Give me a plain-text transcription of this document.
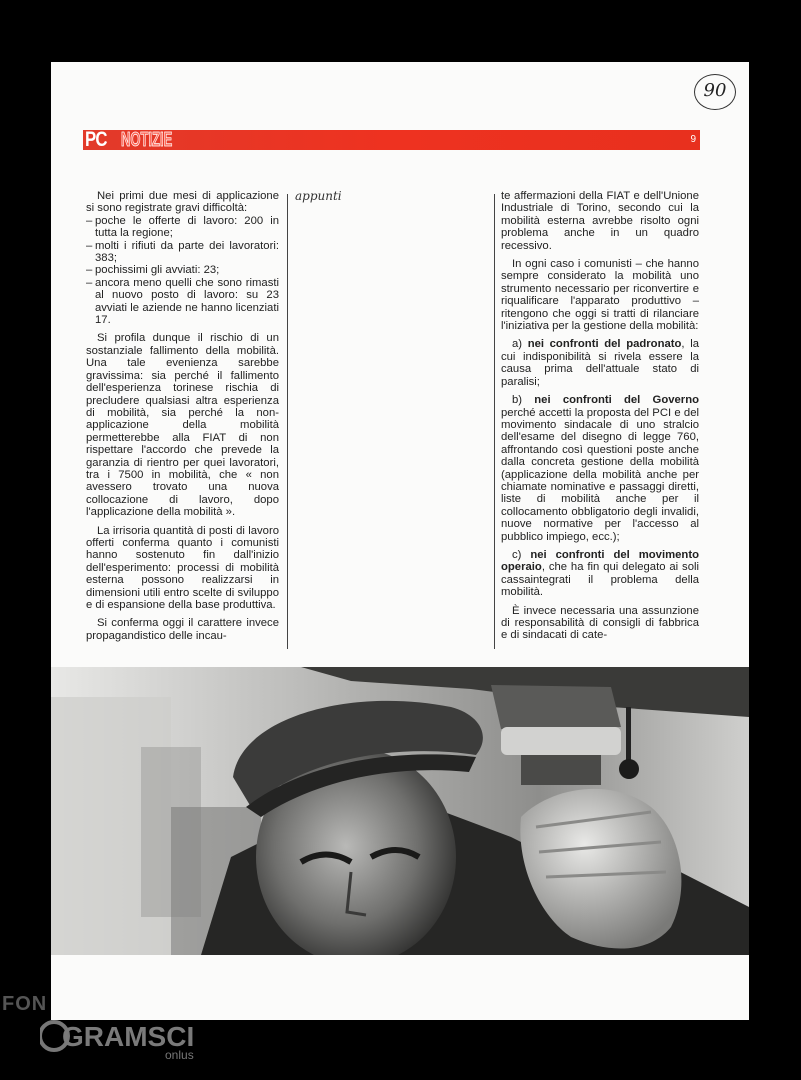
90
PC NOTIZIE	9
Nei primi due mesi di applicazione si sono registrate gravi difficoltà:
– poche le offerte di lavoro: 200 in tutta la regione;
– molti i rifiuti da parte dei lavoratori: 383;
– pochissimi gli avviati: 23;
– ancora meno quelli che sono rimasti al nuovo posto di lavoro: su 23 avviati le aziende ne hanno licenziati 17.
Si profila dunque il rischio di un sostanziale fallimento della mobilità. Una tale evenienza sarebbe gravissima: sia perché il fallimento dell'esperienza torinese rischia di precludere qualsiasi altra esperienza di mobilità, sia perché la non-applicazione della mobilità permetterebbe alla FIAT di non rispettare l'accordo che prevede la garanzia di rientro per quei lavoratori, tra i 7500 in mobilità, che « non avessero trovato una nuova collocazione di lavoro, dopo l'applicazione della mobilità ».
La irrisoria quantità di posti di lavoro offerti conferma quanto i comunisti hanno sostenuto fin dall'inizio dell'esperimento: processi di mobilità esterna possono realizzarsi in dimensioni utili entro scelte di sviluppo e di espansione della base produttiva.
Si conferma oggi il carattere invece propagandistico delle incau-
appunti	te affermazioni della FIAT e dell'Unione Industriale di Torino, secondo cui la mobilità esterna avrebbe risolto ogni problema anche in un quadro recessivo.
In ogni caso i comunisti – che hanno sempre considerato la mobilità uno strumento necessario per riconvertire e riqualificare l'apparato produttivo – ritengono che oggi si tratti di rilanciare l'iniziativa per la gestione della mobilità:
a) nei confronti del padronato, la cui indisponibilità si rivela essere la causa prima dell'attuale stato di paralisi;
b) nei confronti del Governo perché accetti la proposta del PCI e del movimento sindacale di uno stralcio dell'esame del disegno di legge 760, affrontando così questioni poste anche dalla concreta gestione della mobilità (applicazione della mobilità anche per chiamate nominative e passaggi diretti, liste di mobilità anche per il collocamento obbligatorio degli invalidi, nuove normative per l'accesso al pubblico impiego, ecc.);
c) nei confronti del movimento operaio, che ha fin qui delegato ai soli cassaintegrati il problema della mobilità.
È invece necessaria una assunzione di responsabilità di consigli di fabbrica e di sindacati di cate-
FON
GRAMSCI
onlus
